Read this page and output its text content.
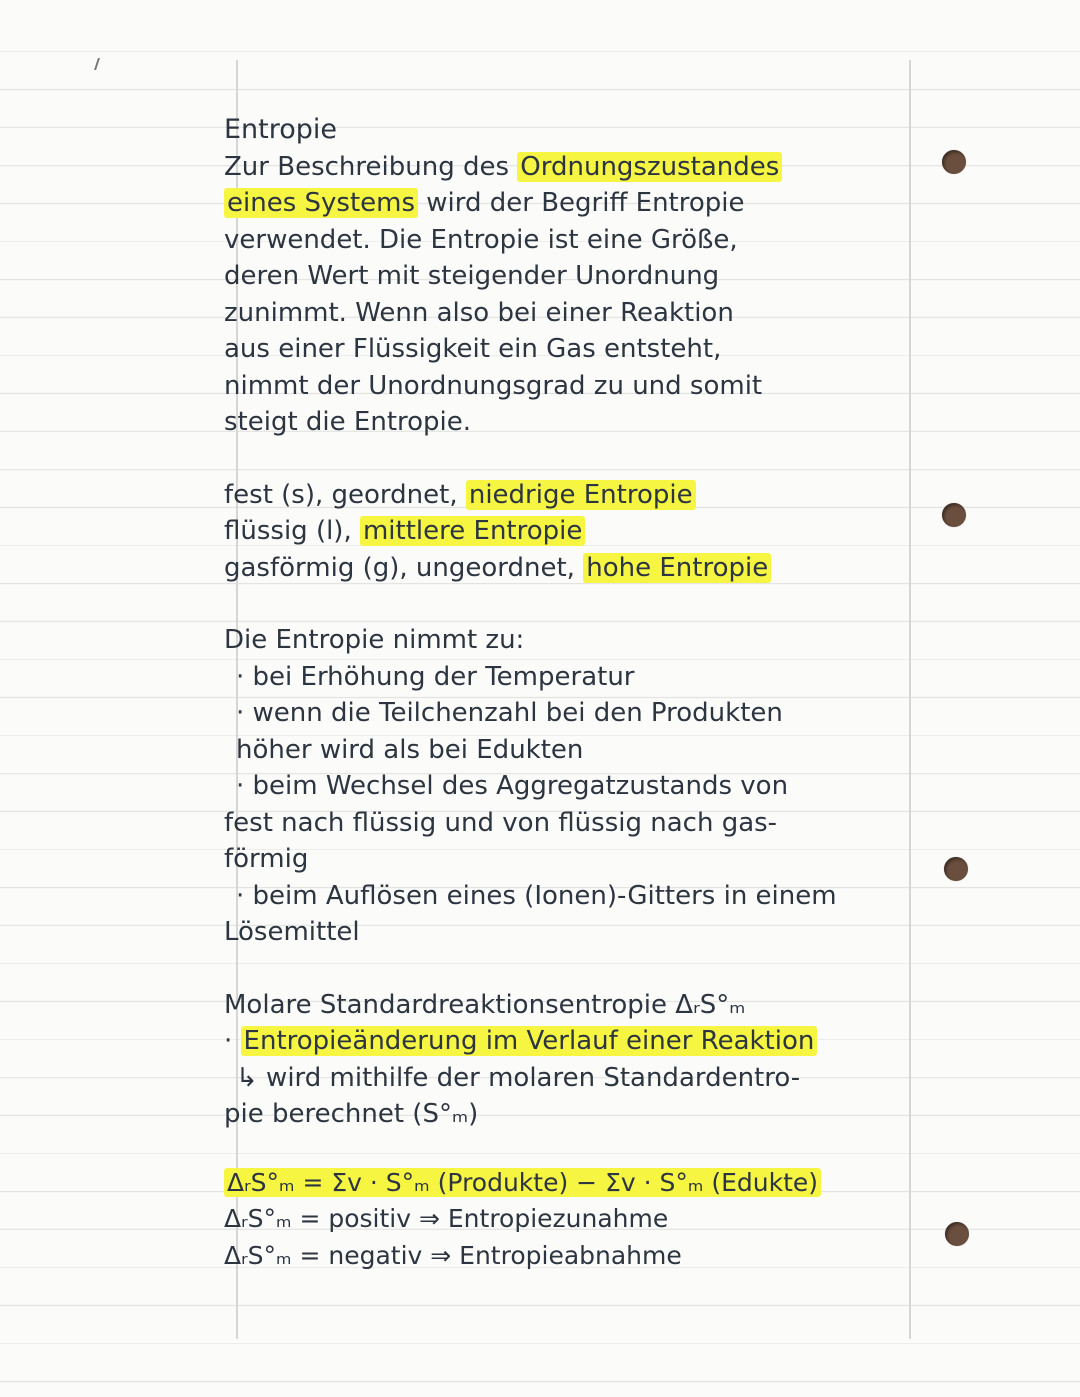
Entropie
Zur Beschreibung des Ordnungszustandes
eines Systems wird der Begriff Entropie
verwendet. Die Entropie ist eine Größe,
deren Wert mit steigender Unordnung
zunimmt. Wenn also bei einer Reaktion
aus einer Flüssigkeit ein Gas entsteht,
nimmt der Unordnungsgrad zu und somit
steigt die Entropie.
fest (s), geordnet, niedrige Entropie
flüssig (l), mittlere Entropie
gasförmig (g), ungeordnet, hohe Entropie
Die Entropie nimmt zu:
· bei Erhöhung der Temperatur
· wenn die Teilchenzahl bei den Produkten
höher wird als bei Edukten
· beim Wechsel des Aggregatzustands von
fest nach flüssig und von flüssig nach gas-
förmig
· beim Auflösen eines (Ionen)-Gitters in einem
Lösemittel
Molare Standardreaktionsentropie ΔᵣS°ₘ
· Entropieänderung im Verlauf einer Reaktion
↳ wird mithilfe der molaren Standardentro-
pie berechnet (S°ₘ)
ΔᵣS°ₘ = Σv · S°ₘ (Produkte) − Σv · S°ₘ (Edukte)
ΔᵣS°ₘ = positiv ⇒ Entropiezunahme
ΔᵣS°ₘ = negativ ⇒ Entropieabnahme
